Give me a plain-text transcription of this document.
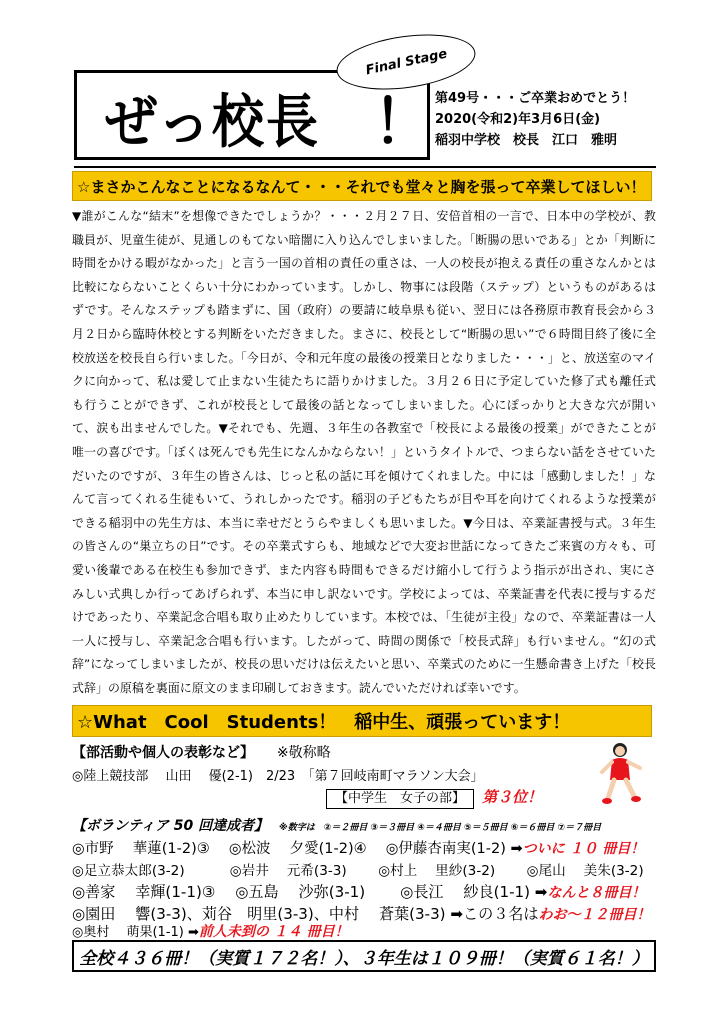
Final Stage
ぜっ校長 ！ 第49号・・・ご卒業おめでとう！
2020(令和2)年3月6日(金)
稲羽中学校　校長　江口　雅明
☆まさかこんなことになるなんて・・・それでも堂々と胸を張って卒業してほしい！
▼誰がこんな“結末”を想像できたでしょうか？・・・２月２７日、安倍首相の一言で、日本中の学校が、教職員が、児童生徒が、見通しのもてない暗闇に入り込んでしまいました。「断腸の思いである」とか「判断に時間をかける暇がなかった」と言う一国の首相の責任の重さは、一人の校長が抱える責任の重さなんかとは比較にならないことくらい十分にわかっています。しかし、物事には段階（ステップ）というものがあるはずです。そんなステップも踏まずに、国（政府）の要請に岐阜県も従い、翌日には各務原市教育長会から３月２日から臨時休校とする判断をいただきました。まさに、校長として“断腸の思い”で６時間目終了後に全校放送を校長自ら行いました。「今日が、令和元年度の最後の授業日となりました・・・」と、放送室のマイクに向かって、私は愛して止まない生徒たちに語りかけました。３月２６日に予定していた修了式も離任式も行うことができず、これが校長として最後の話となってしまいました。心にぽっかりと大きな穴が開いて、涙も出ませんでした。▼それでも、先週、３年生の各教室で「校長による最後の授業」ができたことが唯一の喜びです。「ぼくは死んでも先生になんかならない！」というタイトルで、つまらない話をさせていただいたのですが、３年生の皆さんは、じっと私の話に耳を傾けてくれました。中には「感動しました！」なんて言ってくれる生徒もいて、うれしかったです。稲羽の子どもたちが目や耳を向けてくれるような授業ができる稲羽中の先生方は、本当に幸せだとうらやましくも思いました。▼今日は、卒業証書授与式。３年生の皆さんの“巣立ちの日”です。その卒業式すらも、地域などで大変お世話になってきたご来賓の方々も、可愛い後輩である在校生も参加できず、また内容も時間もできるだけ縮小して行うよう指示が出され、実にさみしい式典しか行ってあげられず、本当に申し訳ないです。学校によっては、卒業証書を代表に授与するだけであったり、卒業記念合唱も取り止めたりしています。本校では、「生徒が主役」なので、卒業証書は一人一人に授与し、卒業記念合唱も行います。したがって、時間の関係で「校長式辞」も行いません。“幻の式辞”になってしまいましたが、校長の思いだけは伝えたいと思い、卒業式のために一生懸命書き上げた「校長式辞」の原稿を裏面に原文のまま印刷しておきます。読んでいただければ幸いです。
☆What　Cool　Students！　稲中生、頑張っています！
【部活動や個人の表彰など】 ※敬称略
◎陸上競技部　 山田　 優(2-1)　2/23　「第７回岐南町マラソン大会」
【中学生　女子の部】 第３位！
【ボランティア 50 回達成者】 ※数字は　②＝２冊目 ③＝３冊目 ④＝４冊目 ⑤＝５冊目 ⑥＝６冊目 ⑦＝７冊目
◎市野　 華蓮(1-2)③　 ◎松波　 夕愛(1-2)④　 ◎伊藤杏南実(1-2) ➡ついに １０ 冊目！
◎足立恭太郎(3-2)　　　 ◎岩井　 元希(3-3)　　 ◎村上　 里紗(3-2)　　 ◎尾山　 美朱(3-2)
◎善家　 幸輝(1-1)③　 ◎五島　 沙弥(3-1)　　 ◎長江　 紗良(1-1) ➡なんと８冊目！
◎園田　 響(3-3)、苅谷　明里(3-3)、中村　 蒼葉(3-3) ➡この３名はわお～１２冊目！
◎奥村　 萌果(1-1) ➡前人未到の １４ 冊目！
全校４３６冊！（実質１７２名！）、３年生は１０９冊！（実質６１名！）
